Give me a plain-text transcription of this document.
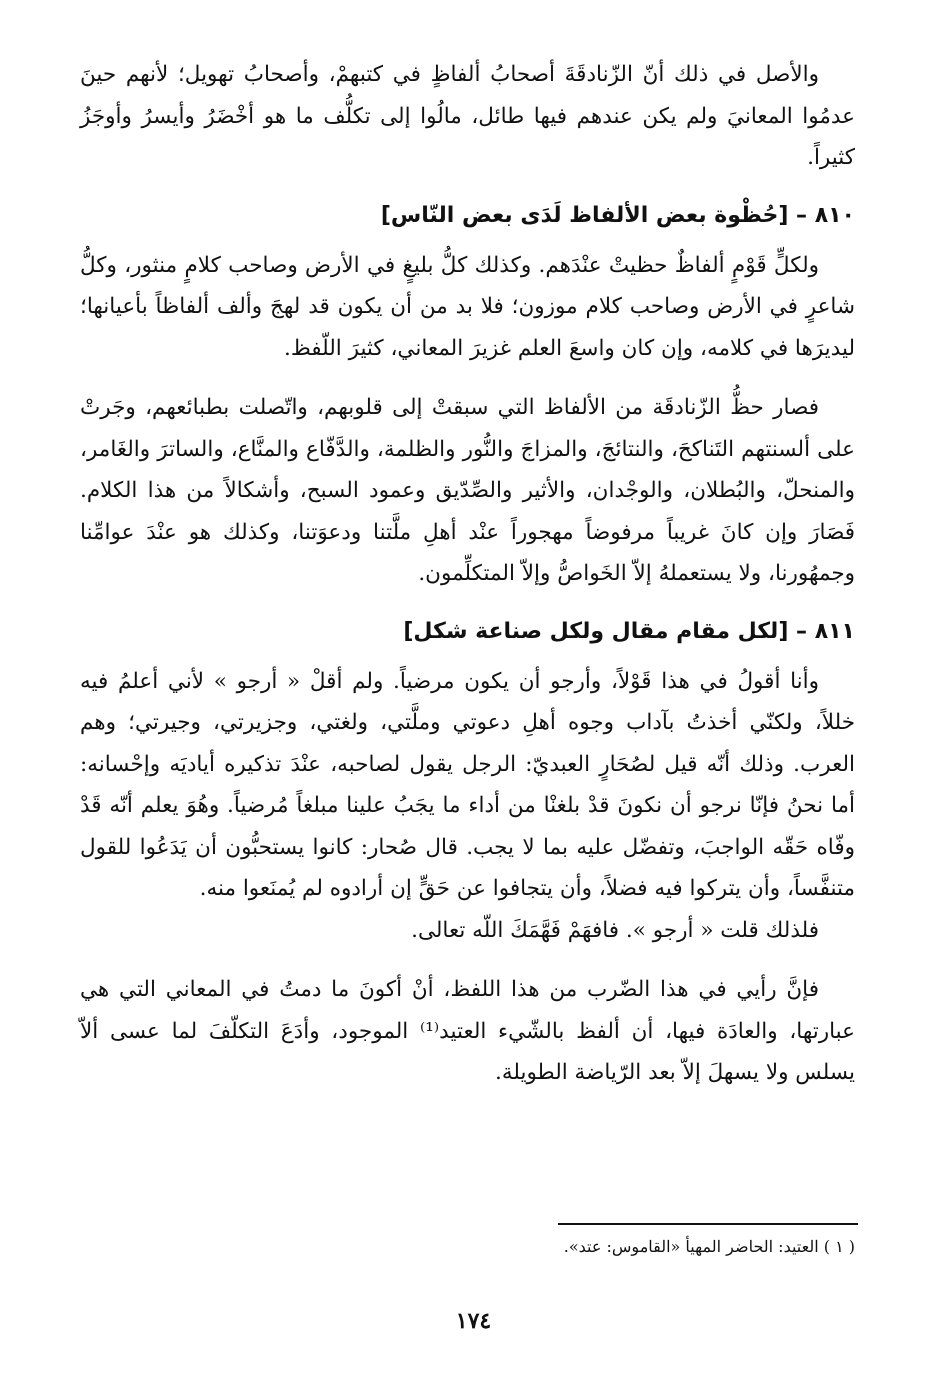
والأصل في ذلك أنّ الزّنادقَةَ أصحابُ ألفاظٍ في كتبهمْ، وأصحابُ تهويل؛ لأنهم حينَ عدمُوا المعانيَ ولم يكن عندهم فيها طائل، مالُوا إلى تكلُّف ما هو أخْضَرُ وأيسرُ وأوجَزُ كثيراً.

٨١٠ – [حُظْوة بعض الألفاظ لَدَى بعض النّاس]

ولكلٍّ قَوْمٍ ألفاظٌ حظيتْ عنْدَهم. وكذلك كلُّ بليغٍ في الأرض وصاحب كلامٍ منثور، وكلُّ شاعرٍ في الأرض وصاحب كلام موزون؛ فلا بد من أن يكون قد لهجَ وألف ألفاظاً بأعيانها؛ ليديرَها في كلامه، وإن كان واسعَ العلم غزيرَ المعاني، كثيرَ اللّفظ.

فصار حظُّ الزّنادقَة من الألفاظ التي سبقتْ إلى قلوبهم، واتّصلت بطبائعهم، وجَرتْ على ألسنتهم التَناكحَ، والنتائجَ، والمزاجَ والنُّور والظلمة، والدَّفّاع والمنَّاع، والساترَ والغَامر، والمنحلّ، والبُطلان، والوجْدان، والأثير والصِّدّيق وعمود السبح، وأشكالاً من هذا الكلام. فَصَارَ وإن كانَ غريباً مرفوضاً مهجوراً عنْد أهلِ ملَّتنا ودعوَتنا، وكذلك هو عنْدَ عوامِّنا وجمهُورنا، ولا يستعملهُ إلاّ الخَواصُّ وإلاّ المتكلِّمون.

٨١١ – [لكل مقام مقال ولكل صناعة شكل]

وأنا أقولُ في هذا قَوْلاً، وأرجو أن يكون مرضياً. ولم أقلْ « أرجو » لأني أعلمُ فيه خللاً، ولكنّي أخذتُ بآداب وجوه أهلِ دعوتي وملَّتي، ولغتي، وجزيرتي، وجيرتي؛ وهم العرب. وذلك أنّه قيل لصُحَارٍ العبديّ: الرجل يقول لصاحبه، عنْدَ تذكيره أياديَه وإحْسانه: أما نحنُ فإنّا نرجو أن نكونَ قدْ بلغنْا من أداء ما يجَبُ علينا مبلغاً مُرضياً. وهُوَ يعلم أنّه قَدْ وفّاه حَقّه الواجبَ، وتفضّل عليه بما لا يجب. قال صُحار: كانوا يستحبُّون أن يَدَعُوا للقول متنفَّساً، وأن يتركوا فيه فضلاً، وأن يتجافوا عن حَقٍّ إن أرادوه لم يُمنَعوا منه.

فلذلك قلت « أرجو ». فافهَمْ فَهَّمَكَ اللّه تعالى.

فإنَّ رأيي في هذا الضّرب من هذا اللفظ، أنْ أكونَ ما دمتُ في المعاني التي هي عبارتها، والعادَة فيها، أن ألفظ بالشّيء العتيد⁽¹⁾ الموجود، وأدَعَ التكلّفَ لما عسى ألاّ يسلس ولا يسهلَ إلاّ بعد الرّياضة الطويلة.

( ١ ) العتيد: الحاضر المهيأ «القاموس: عتد».
١٧٤
